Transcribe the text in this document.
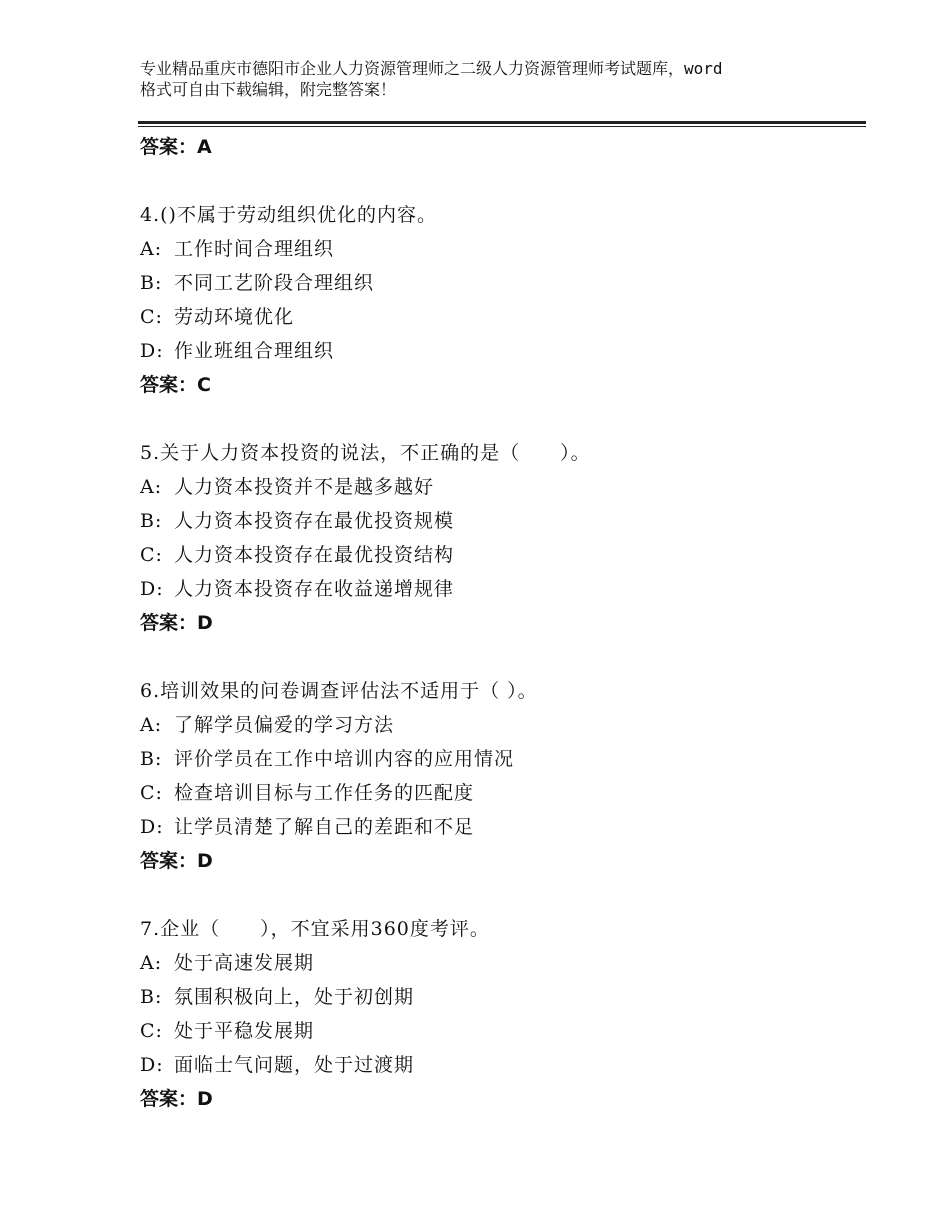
专业精品重庆市德阳市企业人力资源管理师之二级人力资源管理师考试题库，word
格式可自由下载编辑，附完整答案！
答案：A
4.()不属于劳动组织优化的内容。
A: 工作时间合理组织
B: 不同工艺阶段合理组织
C: 劳动环境优化
D: 作业班组合理组织
答案：C
5.关于人力资本投资的说法，不正确的是（　　）。
A: 人力资本投资并不是越多越好
B: 人力资本投资存在最优投资规模
C: 人力资本投资存在最优投资结构
D: 人力资本投资存在收益递增规律
答案：D
6.培训效果的问卷调查评估法不适用于（ ）。
A: 了解学员偏爱的学习方法
B: 评价学员在工作中培训内容的应用情况
C: 检查培训目标与工作任务的匹配度
D: 让学员清楚了解自己的差距和不足
答案：D
7.企业（　　），不宜采用360度考评。
A: 处于高速发展期
B: 氛围积极向上，处于初创期
C: 处于平稳发展期
D: 面临士气问题，处于过渡期
答案：D
